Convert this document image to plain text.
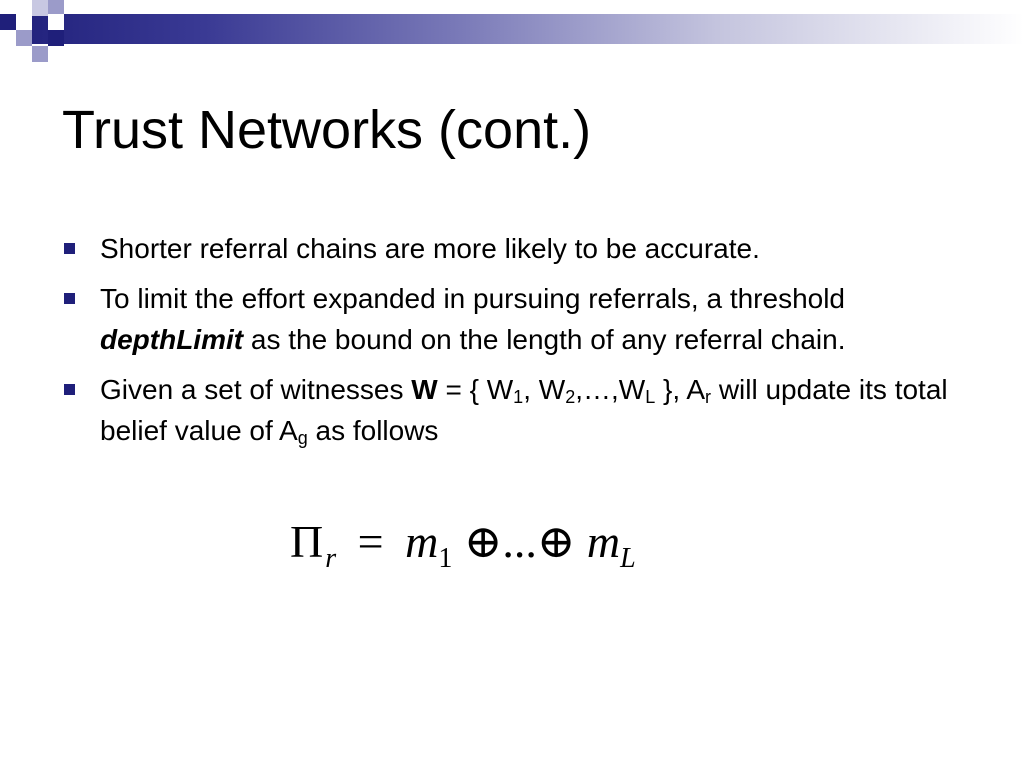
Trust Networks (cont.)
Shorter referral chains are more likely to be accurate.
To limit the effort expanded in pursuing referrals, a threshold depthLimit as the bound on the length of any referral chain.
Given a set of witnesses W = { $W_1$, $W_2,\dots,W_L$ }, $A_r$ will update its total belief value of $A_g$ as follows
$\Pi_r = m_1$ ⊕...⊕ $m_L$
